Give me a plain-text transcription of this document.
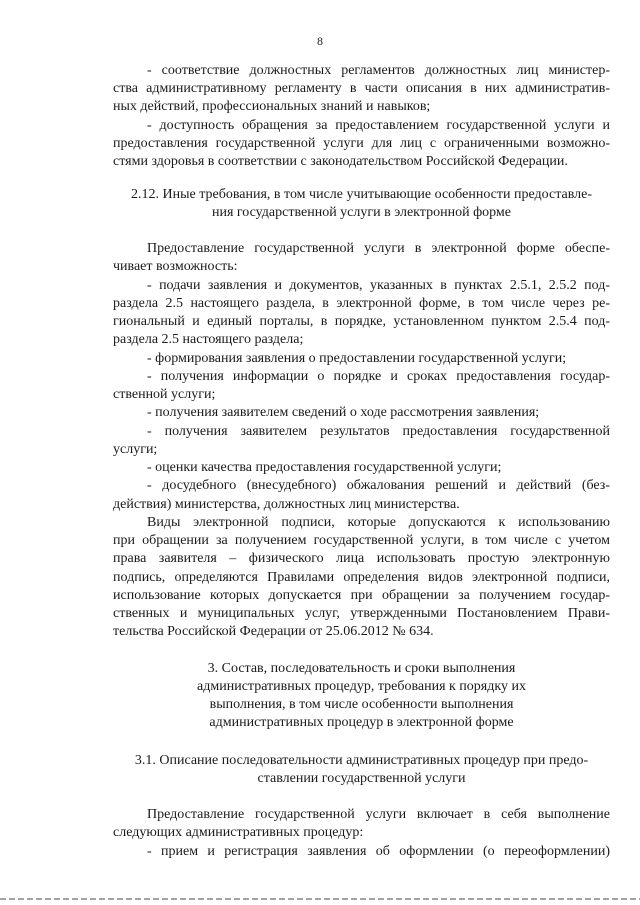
8
- соответствие должностных регламентов должностных лиц министер-
ства административному регламенту в части описания в них административ-
ных действий, профессиональных знаний и навыков;
- доступность обращения за предоставлением государственной услуги и
предоставления государственной услуги для лиц с ограниченными возможно-
стями здоровья в соответствии с законодательством Российской Федерации.
2.12. Иные требования, в том числе учитывающие особенности предоставле-
ния государственной услуги в электронной форме
Предоставление государственной услуги в электронной форме обеспе-
чивает возможность:
- подачи заявления и документов, указанных в пунктах 2.5.1, 2.5.2 под-
раздела 2.5 настоящего раздела, в электронной форме, в том числе через ре-
гиональный и единый порталы, в порядке, установленном пунктом 2.5.4 под-
раздела 2.5 настоящего раздела;
- формирования заявления о предоставлении государственной услуги;
- получения информации о порядке и сроках предоставления государ-
ственной услуги;
- получения заявителем сведений о ходе рассмотрения заявления;
- получения заявителем результатов предоставления государственной
услуги;
- оценки качества предоставления государственной услуги;
- досудебного (внесудебного) обжалования решений и действий (без-
действия) министерства, должностных лиц министерства.
Виды электронной подписи, которые допускаются к использованию
при обращении за получением государственной услуги, в том числе с учетом
права заявителя – физического лица использовать простую электронную
подпись, определяются Правилами определения видов электронной подписи,
использование которых допускается при обращении за получением государ-
ственных и муниципальных услуг, утвержденными Постановлением Прави-
тельства Российской Федерации от 25.06.2012 № 634.
3. Состав, последовательность и сроки выполнения
административных процедур, требования к порядку их
выполнения, в том числе особенности выполнения
административных процедур в электронной форме
3.1. Описание последовательности административных процедур при предо-
ставлении государственной услуги
Предоставление государственной услуги включает в себя выполнение
следующих административных процедур:
- прием и регистрация заявления об оформлении (о переоформлении)
